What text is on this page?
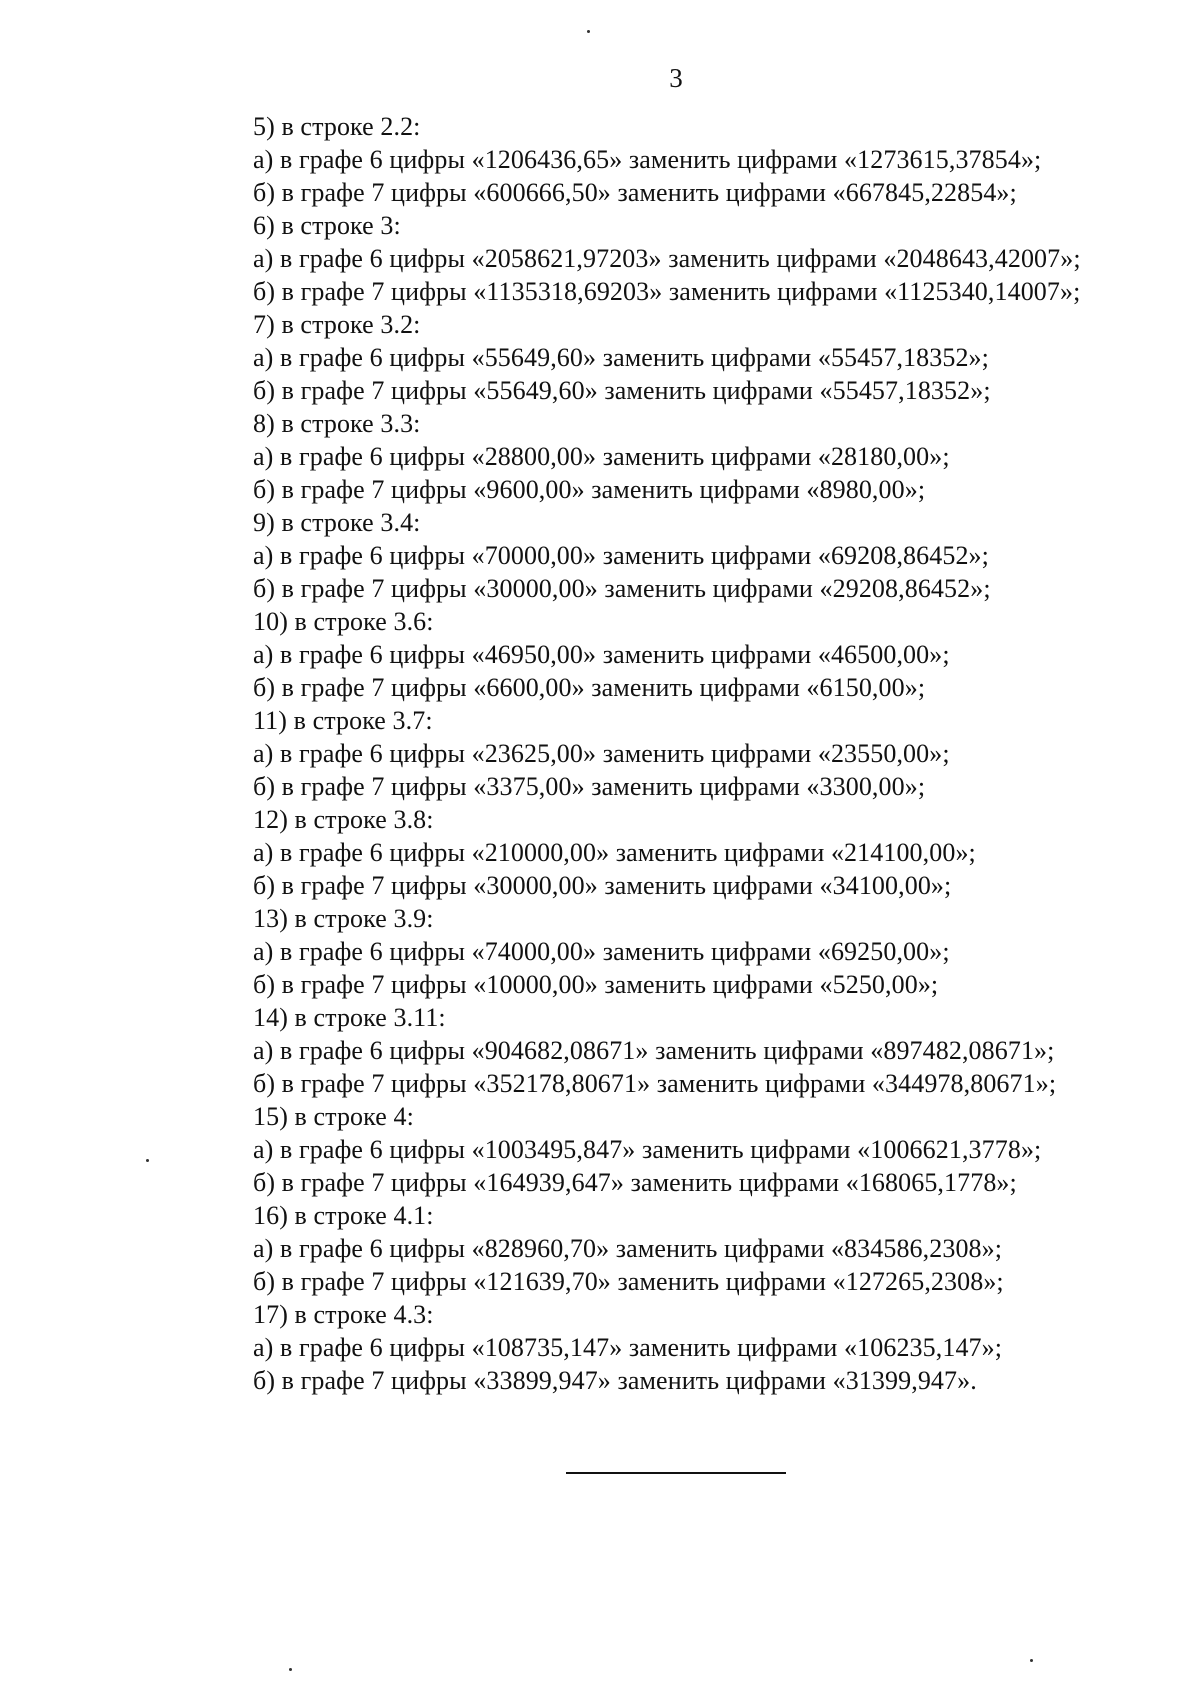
3
5) в строке 2.2:
а) в графе 6 цифры «1206436,65» заменить цифрами «1273615,37854»;
б) в графе 7 цифры «600666,50» заменить цифрами «667845,22854»;
6) в строке 3:
а) в графе 6 цифры «2058621,97203» заменить цифрами «2048643,42007»;
б) в графе 7 цифры «1135318,69203» заменить цифрами «1125340,14007»;
7) в строке 3.2:
а) в графе 6 цифры «55649,60» заменить цифрами «55457,18352»;
б) в графе 7 цифры «55649,60» заменить цифрами «55457,18352»;
8) в строке 3.3:
а) в графе 6 цифры «28800,00» заменить цифрами «28180,00»;
б) в графе 7 цифры «9600,00» заменить цифрами «8980,00»;
9) в строке 3.4:
а) в графе 6 цифры «70000,00» заменить цифрами «69208,86452»;
б) в графе 7 цифры «30000,00» заменить цифрами «29208,86452»;
10) в строке 3.6:
а) в графе 6 цифры «46950,00» заменить цифрами «46500,00»;
б) в графе 7 цифры «6600,00» заменить цифрами «6150,00»;
11) в строке 3.7:
а) в графе 6 цифры «23625,00» заменить цифрами «23550,00»;
б) в графе 7 цифры «3375,00» заменить цифрами «3300,00»;
12) в строке 3.8:
а) в графе 6 цифры «210000,00» заменить цифрами «214100,00»;
б) в графе 7 цифры «30000,00» заменить цифрами «34100,00»;
13) в строке 3.9:
а) в графе 6 цифры «74000,00» заменить цифрами «69250,00»;
б) в графе 7 цифры «10000,00» заменить цифрами «5250,00»;
14) в строке 3.11:
а) в графе 6 цифры «904682,08671» заменить цифрами «897482,08671»;
б) в графе 7 цифры «352178,80671» заменить цифрами «344978,80671»;
15) в строке 4:
а) в графе 6 цифры «1003495,847» заменить цифрами «1006621,3778»;
б) в графе 7 цифры «164939,647» заменить цифрами «168065,1778»;
16) в строке 4.1:
а) в графе 6 цифры «828960,70» заменить цифрами «834586,2308»;
б) в графе 7 цифры «121639,70» заменить цифрами «127265,2308»;
17) в строке 4.3:
а) в графе 6 цифры «108735,147» заменить цифрами «106235,147»;
б) в графе 7 цифры «33899,947» заменить цифрами «31399,947».
